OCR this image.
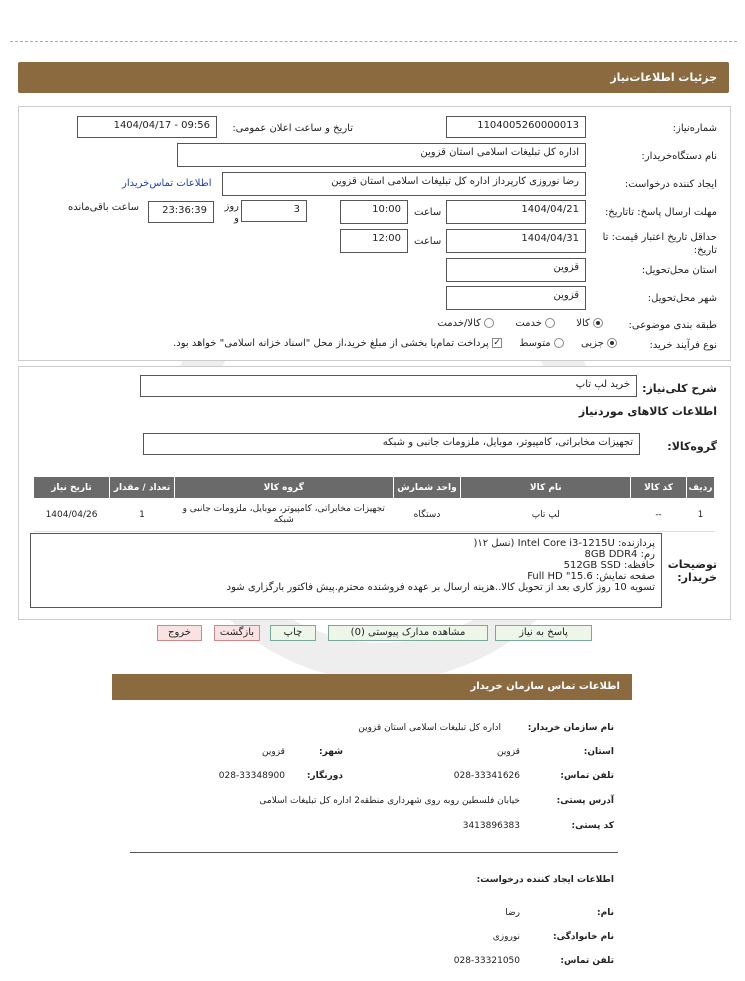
جزئیات اطلاعات‌نیاز
شماره‌نیاز:
1104005260000013
تاریخ و ساعت اعلان عمومی:
1404/04/17 - 09:56
نام دستگاه‌خریدار:
اداره کل تبلیغات اسلامی استان قزوین
ایجاد کننده درخواست:
رضا نوروزی کارپرداز اداره کل تبلیغات اسلامی استان قزوین
اطلاعات تماس‌خریدار
مهلت ارسال پاسخ: تاتاریخ:
1404/04/21
ساعت
10:00
3
روز و
23:36:39
ساعت باقی‌مانده
حداقل تاریخ اعتبار قیمت: تا تاریخ:
1404/04/31
ساعت
12:00
استان محل‌تحویل:
قزوین
شهر محل‌تحویل:
قزوین
طبقه بندی موضوعی:
کالا  خدمت  کالا/خدمت
نوع فرآیند خرید:
جزیی  متوسط ✓ پرداخت تمام‌یا بخشی از مبلغ خرید،از محل "اسناد خزانه اسلامی" خواهد بود.
شرح کلی‌نیاز:
خرید لپ تاپ
اطلاعات کالاهای موردنیاز
گروه‌کالا:
تجهیزات مخابراتی، کامپیوتر، موبایل، ملزومات جانبی و شبکه
ردیف	کد کالا	نام کالا	واحد شمارش	گروه کالا	تعداد / مقدار	تاریخ نیاز
1	--	لپ تاپ	دستگاه	تجهیزات مخابراتی، کامپیوتر، موبایل، ملزومات جانبی و شبکه	1	1404/04/26
توضیحات خریدار:
پردازنده: Intel Core i3-1215U (نسل ۱۲(
رم: 8GB DDR4
حافظه: 512GB SSD
صفحه نمایش: 15.6" Full HD
تسویه 10 روز کاری بعد از تحویل کالا..هزینه ارسال بر عهده فروشنده محترم.پیش فاکتور بارگزاری شود
پاسخ به نیاز
مشاهده مدارک پیوستی (0)
چاپ
بازگشت
خروج
اطلاعات تماس سازمان خریدار
نام سازمان خریدار:
اداره کل تبلیغات اسلامی استان قزوین
استان:
قزوین
شهر:
قزوین
تلفن تماس:
028-33341626
دورنگار:
028-33348900
آدرس پستی:
خیابان فلسطین روبه روی شهرداری منطقه2 اداره کل تبلیغات اسلامی
کد پستی:
3413896383
اطلاعات ایجاد کننده درخواست:
نام:
رضا
نام خانوادگی:
نوروزی
تلفن تماس:
028-33321050
